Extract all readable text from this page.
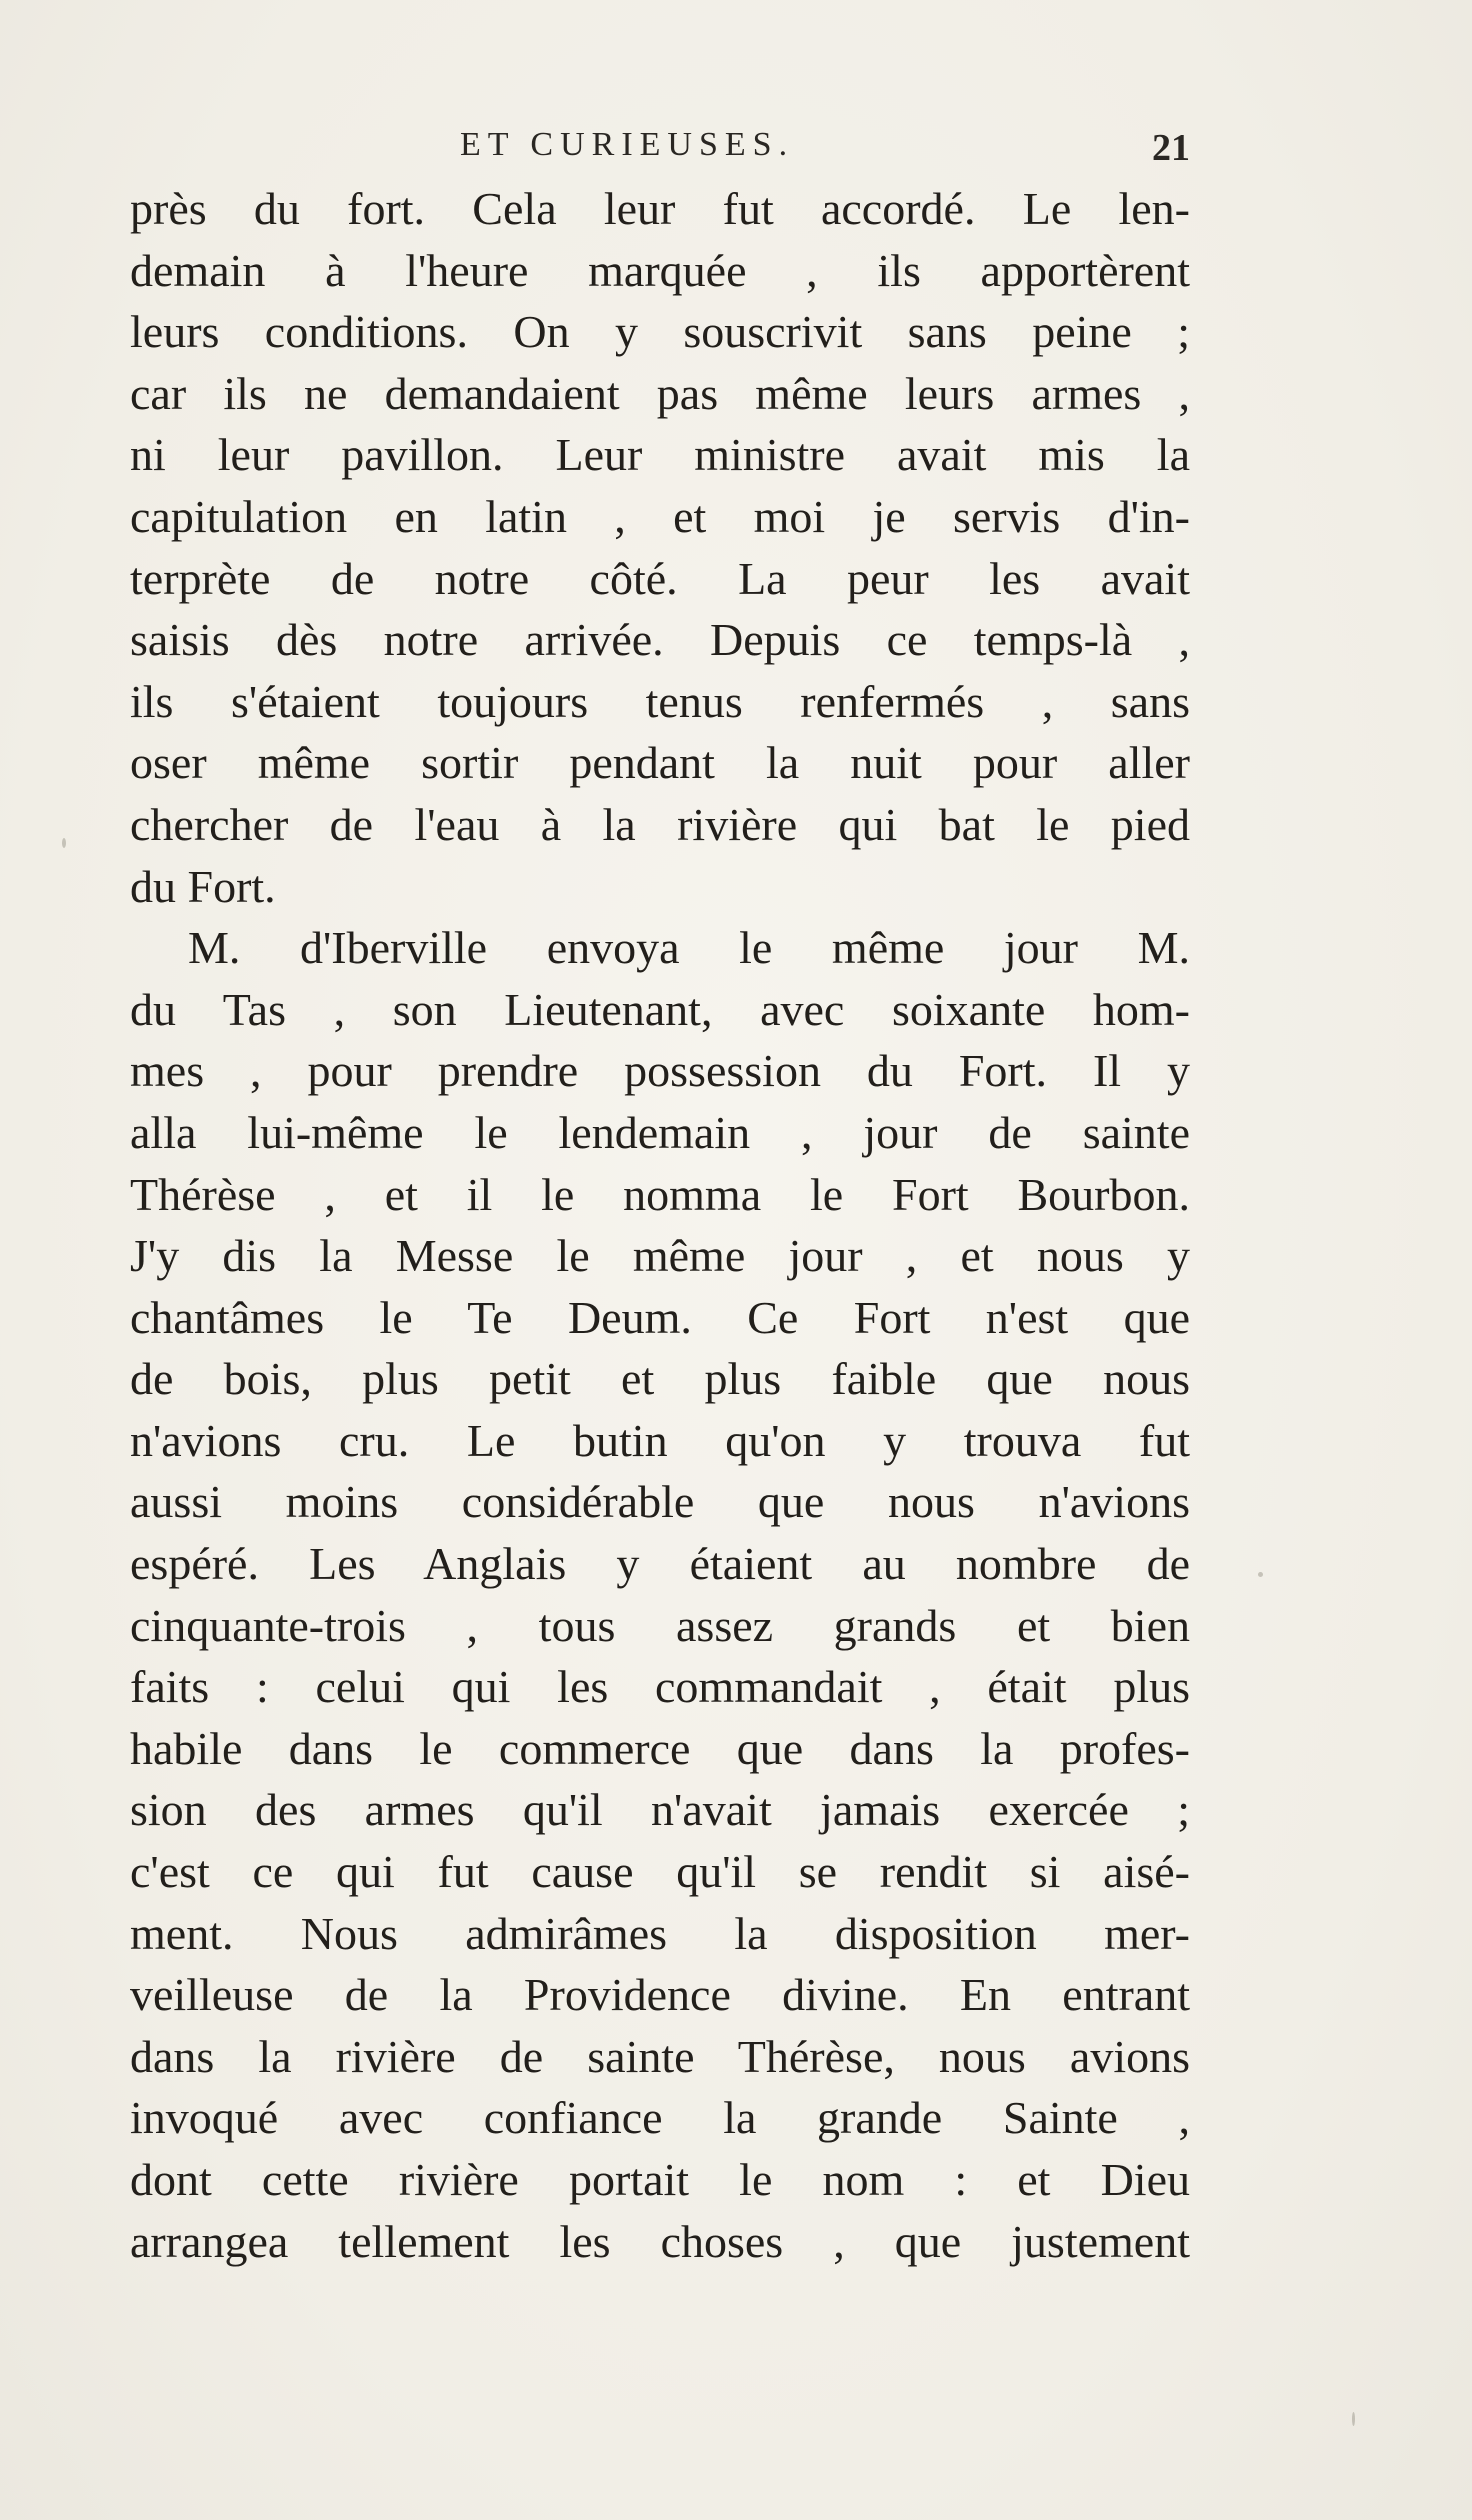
ET CURIEUSES.	21
près du fort. Cela leur fut accordé. Le len-
demain à l'heure marquée , ils apportèrent
leurs conditions. On y souscrivit sans peine ;
car ils ne demandaient pas même leurs armes ,
ni leur pavillon. Leur ministre avait mis la
capitulation en latin , et moi je servis d'in-
terprète de notre côté. La peur les avait
saisis dès notre arrivée. Depuis ce temps-là ,
ils s'étaient toujours tenus renfermés , sans
oser même sortir pendant la nuit pour aller
chercher de l'eau à la rivière qui bat le pied
du Fort.
M. d'Iberville envoya le même jour M.
du Tas , son Lieutenant, avec soixante hom-
mes , pour prendre possession du Fort. Il y
alla lui-même le lendemain , jour de sainte
Thérèse , et il le nomma le Fort Bourbon.
J'y dis la Messe le même jour , et nous y
chantâmes le Te Deum. Ce Fort n'est que
de bois, plus petit et plus faible que nous
n'avions cru. Le butin qu'on y trouva fut
aussi moins considérable que nous n'avions
espéré. Les Anglais y étaient au nombre de
cinquante-trois , tous assez grands et bien
faits : celui qui les commandait , était plus
habile dans le commerce que dans la profes-
sion des armes qu'il n'avait jamais exercée ;
c'est ce qui fut cause qu'il se rendit si aisé-
ment. Nous admirâmes la disposition mer-
veilleuse de la Providence divine. En entrant
dans la rivière de sainte Thérèse, nous avions
invoqué avec confiance la grande Sainte ,
dont cette rivière portait le nom : et Dieu
arrangea tellement les choses , que justement
